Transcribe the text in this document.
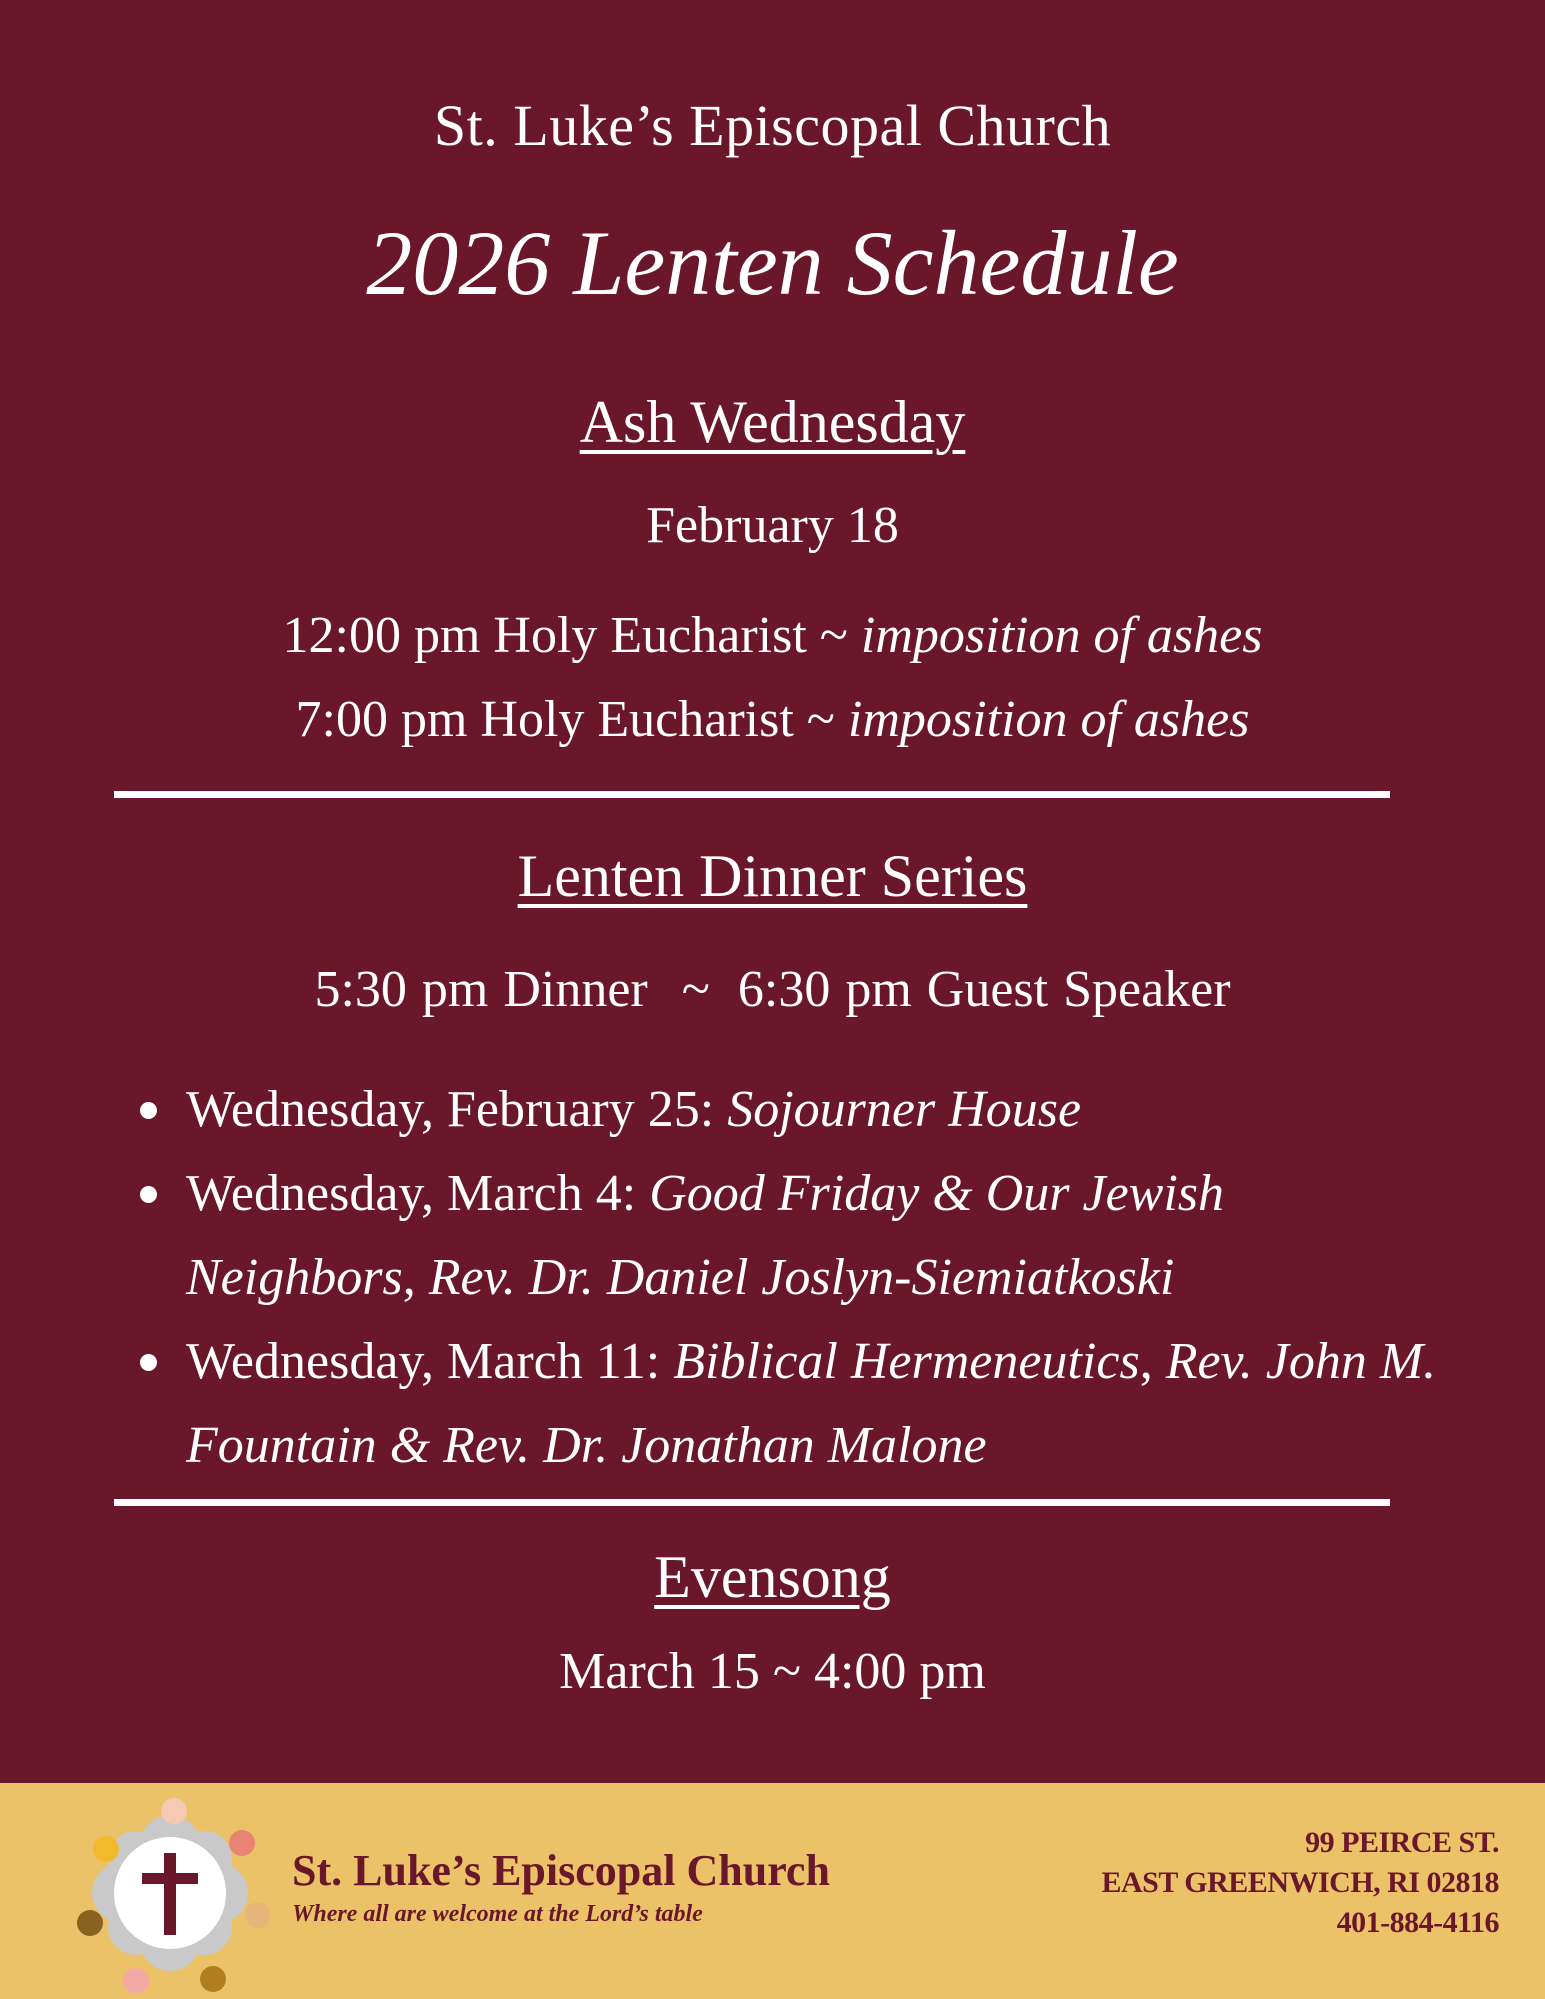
St. Luke’s Episcopal Church
2026 Lenten Schedule
Ash Wednesday
February 18
12:00 pm Holy Eucharist ~ imposition of ashes
7:00 pm Holy Eucharist ~ imposition of ashes
Lenten Dinner Series
5:30 pm Dinner ~ 6:30 pm Guest Speaker
Wednesday, February 25: Sojourner House
Wednesday, March 4: Good Friday & Our Jewish Neighbors, Rev. Dr. Daniel Joslyn-Siemiatkoski
Wednesday, March 11: Biblical Hermeneutics, Rev. John M. Fountain & Rev. Dr. Jonathan Malone
Evensong
March 15 ~ 4:00 pm
St. Luke’s Episcopal Church
Where all are welcome at the Lord’s table
99 PEIRCE ST.
EAST GREENWICH, RI 02818
401-884-4116
